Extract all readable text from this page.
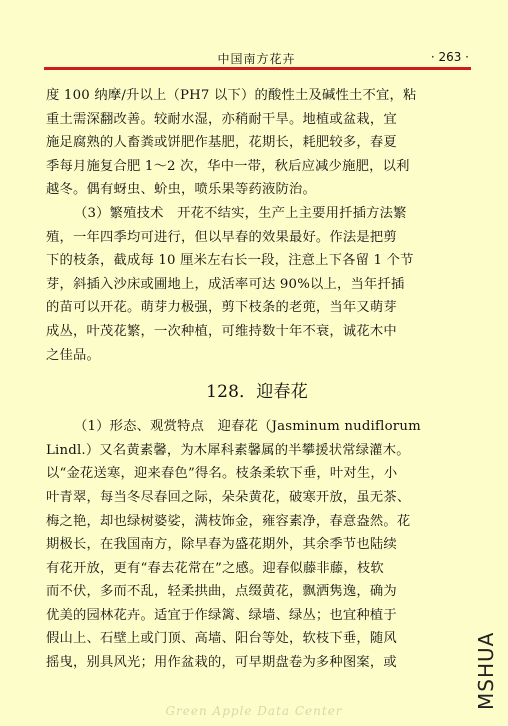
中国南方花卉	· 263 ·
度 100 纳摩/升以上（PH7 以下）的酸性土及碱性土不宜，粘
重土需深翻改善。较耐水湿，亦稍耐干旱。地植或盆栽，宜
施足腐熟的人畜粪或饼肥作基肥，花期长，耗肥较多，春夏
季每月施复合肥 1～2 次，华中一带，秋后应减少施肥，以利
越冬。偶有蚜虫、蚧虫，喷乐果等药液防治。
（3）繁殖技术　开花不结实，生产上主要用扦插方法繁
殖，一年四季均可进行，但以早春的效果最好。作法是把剪
下的枝条，截成每 10 厘米左右长一段，注意上下各留 1 个节
芽，斜插入沙床或圃地上，成活率可达 90%以上，当年扦插
的苗可以开花。萌芽力极强，剪下枝条的老蔸，当年又萌芽
成丛，叶茂花繁，一次种植，可维持数十年不衰，诚花木中
之佳品。
128．迎春花
（1）形态、观赏特点　迎春花（Jasminum nudiflorum
Lindl.）又名黄素馨，为木犀科素馨属的半攀援状常绿灌木。
以“金花送寒，迎来春色”得名。枝条柔软下垂，叶对生，小
叶青翠，每当冬尽春回之际，朵朵黄花，破寒开放，虽无茶、
梅之艳，却也绿树婆娑，满枝饰金，雍容素净，春意盎然。花
期极长，在我国南方，除早春为盛花期外，其余季节也陆续
有花开放，更有“春去花常在”之感。迎春似藤非藤，枝软
而不伏，多而不乱，轻柔拱曲，点缀黄花，飘洒隽逸，确为
优美的园林花卉。适宜于作绿篱、绿墙、绿丛；也宜种植于
假山上、石壁上或门顶、高墙、阳台等处，软枝下垂，随风
摇曳，别具风光；用作盆栽的，可早期盘卷为多种图案，或	MSHUA
Green Apple Data Center
